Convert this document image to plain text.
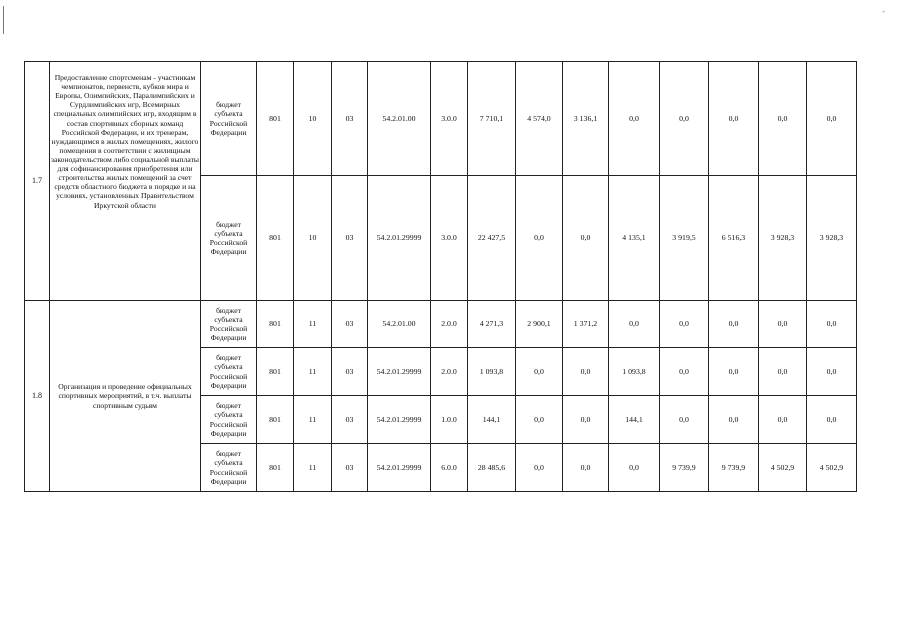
-
1.7	Предоставление спортсменам - участникам чемпионатов, первенств, кубков мира и Европы, Олимпийских, Паралимпийских и Сурдлимпийских игр, Всемирных специальных олимпийских игр, входящим в состав спортивных сборных команд Российской Федерации, и их тренерам, нуждающимся в жилых помещениях, жилого помещения в соответствии с жилищным законодательством либо социальной выплаты для софинансирования приобретения или строительства жилых помещений за счет средств областного бюджета в порядке и на условиях, установленных Правительством Иркутской области	бюджет субъекта Российской Федерации	801	10	03	54.2.01.00	3.0.0	7 710,1	4 574,0	3 136,1	0,0	0,0	0,0	0,0	0,0
		бюджет субъекта Российской Федерации	801	10	03	54.2.01.29999	3.0.0	22 427,5	0,0	0,0	4 135,1	3 919,5	6 516,3	3 928,3	3 928,3
1.8	Организация и проведение официальных спортивных мероприятий, в т.ч. выплаты спортивным судьям	бюджет субъекта Российской Федерации	801	11	03	54.2.01.00	2.0.0	4 271,3	2 900,1	1 371,2	0,0	0,0	0,0	0,0	0,0
		бюджет субъекта Российской Федерации	801	11	03	54.2.01.29999	2.0.0	1 093,8	0,0	0,0	1 093,8	0,0	0,0	0,0	0,0
		бюджет субъекта Российской Федерации	801	11	03	54.2.01.29999	1.0.0	144,1	0,0	0,0	144,1	0,0	0,0	0,0	0,0
		бюджет субъекта Российской Федерации	801	11	03	54.2.01.29999	6.0.0	28 485,6	0,0	0,0	0,0	9 739,9	9 739,9	4 502,9	4 502,9
